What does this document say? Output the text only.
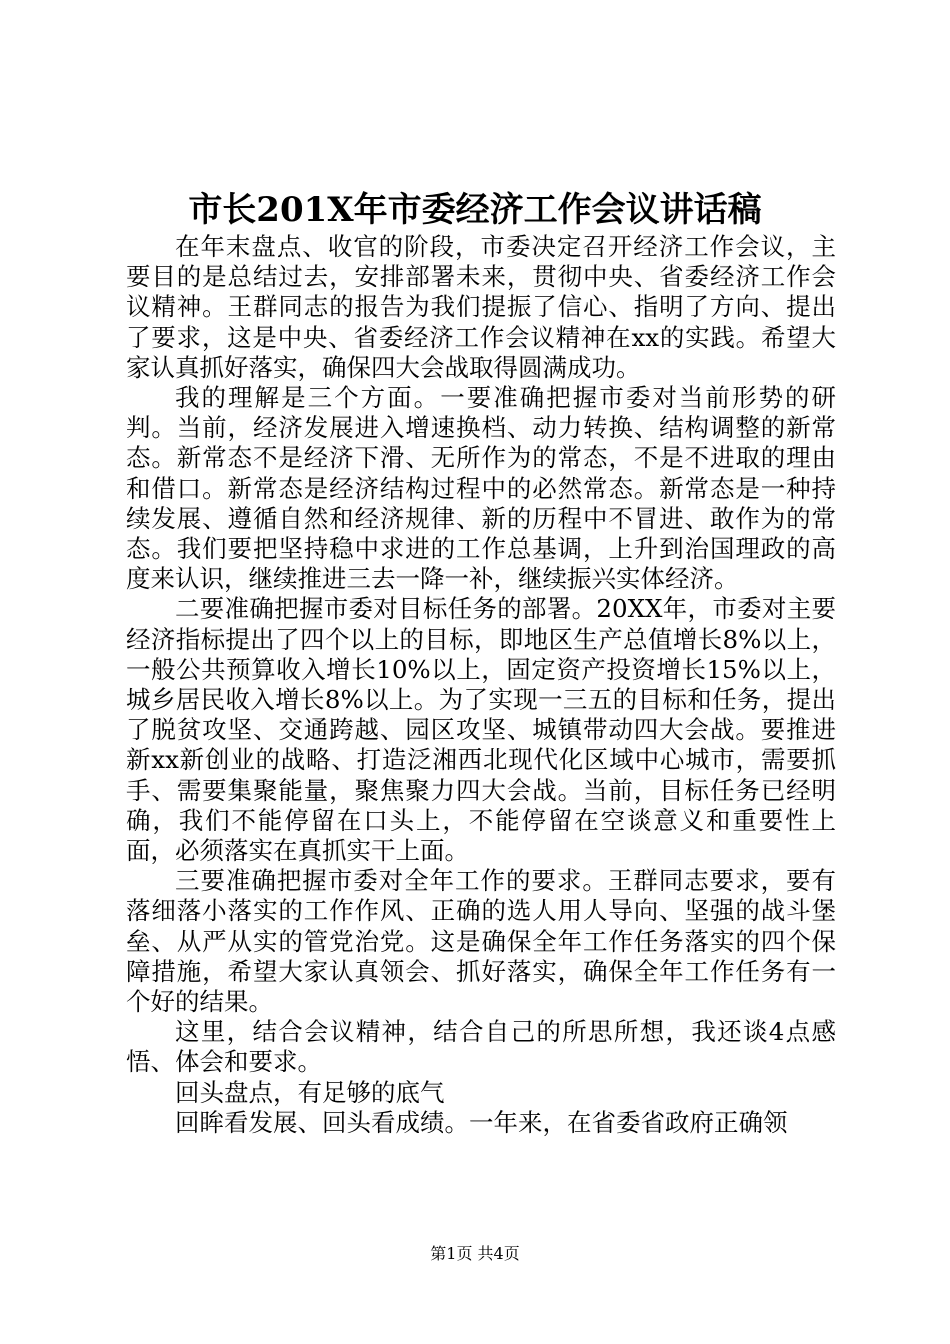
市长201X年市委经济工作会议讲话稿

在年末盘点、收官的阶段，市委决定召开经济工作会议，主要目的是总结过去，安排部署未来，贯彻中央、省委经济工作会议精神。王群同志的报告为我们提振了信心、指明了方向、提出了要求，这是中央、省委经济工作会议精神在xx的实践。希望大家认真抓好落实，确保四大会战取得圆满成功。

我的理解是三个方面。一要准确把握市委对当前形势的研判。当前，经济发展进入增速换档、动力转换、结构调整的新常态。新常态不是经济下滑、无所作为的常态，不是不进取的理由和借口。新常态是经济结构过程中的必然常态。新常态是一种持续发展、遵循自然和经济规律、新的历程中不冒进、敢作为的常态。我们要把坚持稳中求进的工作总基调，上升到治国理政的高度来认识，继续推进三去一降一补，继续振兴实体经济。

二要准确把握市委对目标任务的部署。20XX年，市委对主要经济指标提出了四个以上的目标，即地区生产总值增长8%以上，一般公共预算收入增长10%以上，固定资产投资增长15%以上，城乡居民收入增长8%以上。为了实现一三五的目标和任务，提出了脱贫攻坚、交通跨越、园区攻坚、城镇带动四大会战。要推进新xx新创业的战略、打造泛湘西北现代化区域中心城市，需要抓手、需要集聚能量，聚焦聚力四大会战。当前，目标任务已经明确，我们不能停留在口头上，不能停留在空谈意义和重要性上面，必须落实在真抓实干上面。

三要准确把握市委对全年工作的要求。王群同志要求，要有落细落小落实的工作作风、正确的选人用人导向、坚强的战斗堡垒、从严从实的管党治党。这是确保全年工作任务落实的四个保障措施，希望大家认真领会、抓好落实，确保全年工作任务有一个好的结果。

这里，结合会议精神，结合自己的所思所想，我还谈4点感悟、体会和要求。

回头盘点，有足够的底气

回眸看发展、回头看成绩。一年来，在省委省政府正确领

第1页 共4页
